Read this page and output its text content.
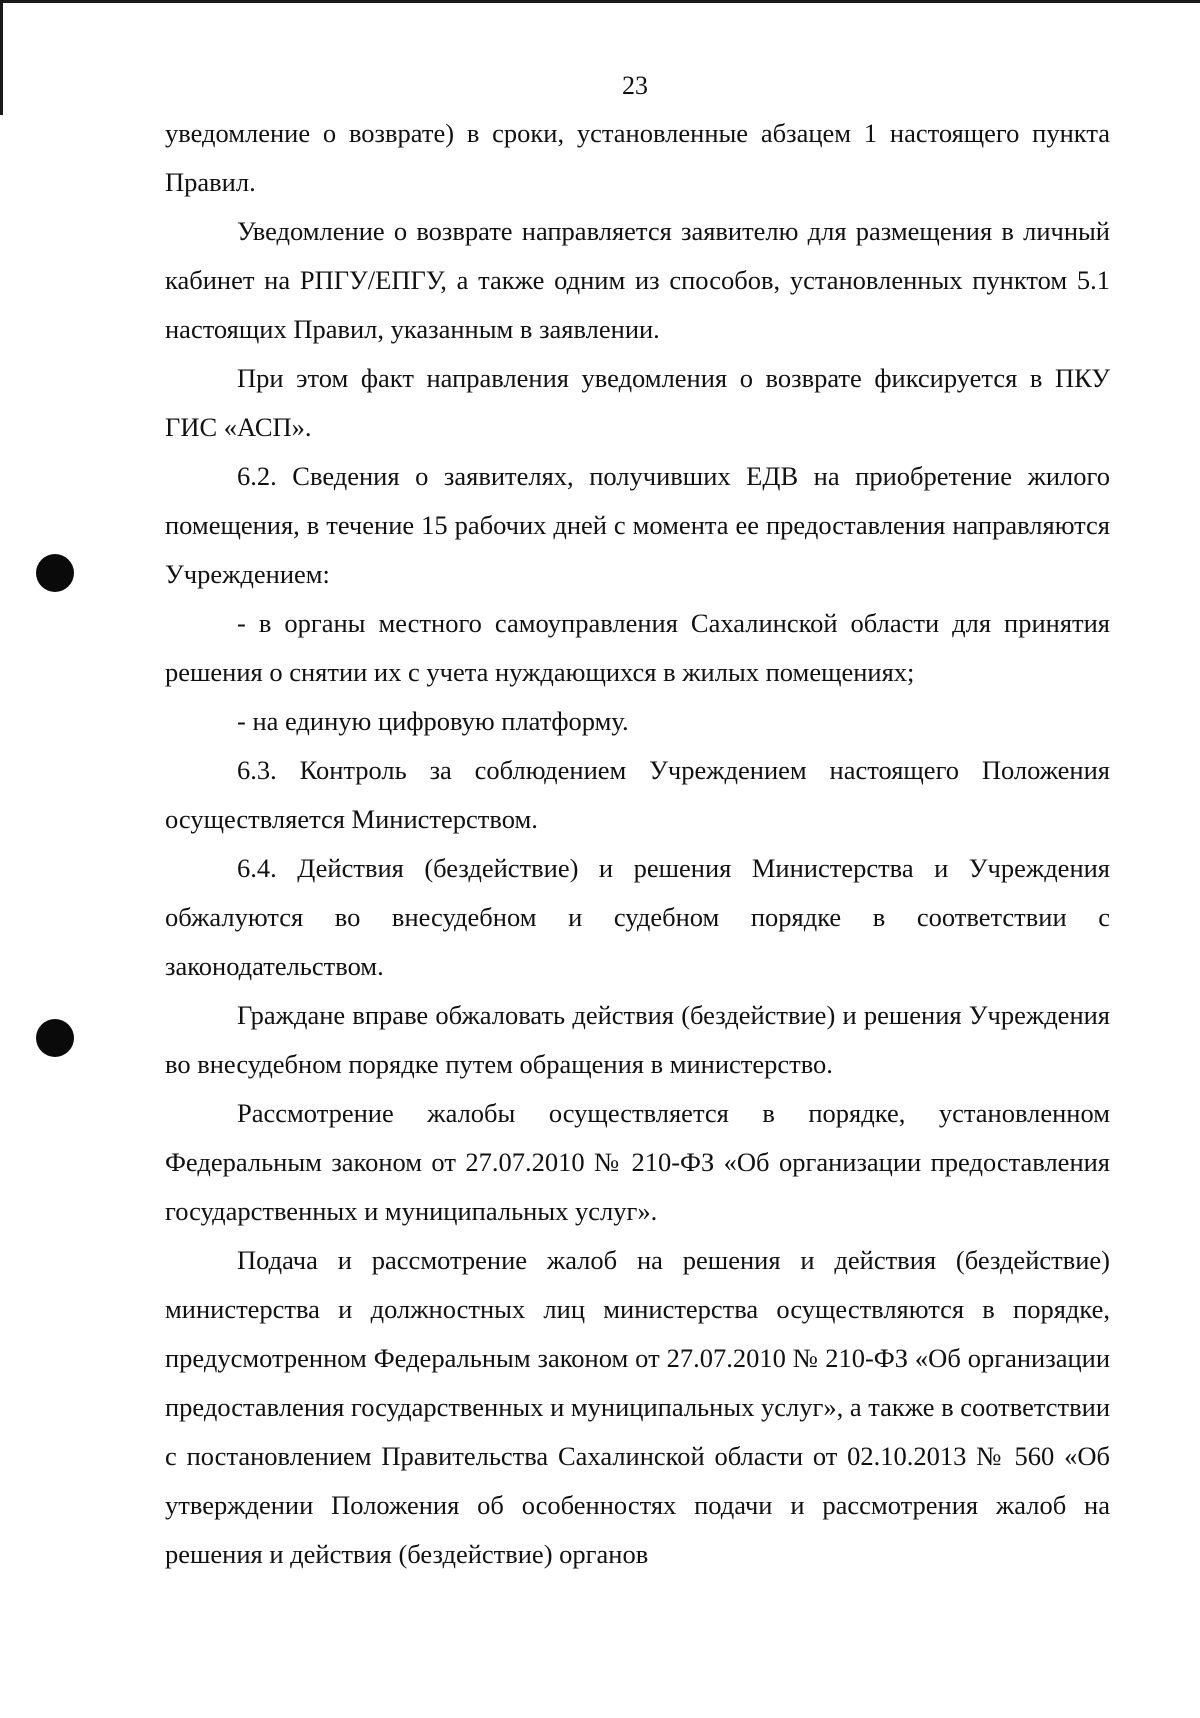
23

уведомление о возврате) в сроки, установленные абзацем 1 настоящего пункта Правил.

Уведомление о возврате направляется заявителю для размещения в личный кабинет на РПГУ/ЕПГУ, а также одним из способов, установленных пунктом 5.1 настоящих Правил, указанным в заявлении.

При этом факт направления уведомления о возврате фиксируется в ПКУ ГИС «АСП».

6.2. Сведения о заявителях, получивших ЕДВ на приобретение жилого помещения, в течение 15 рабочих дней с момента ее предоставления направляются Учреждением:

- в органы местного самоуправления Сахалинской области для принятия решения о снятии их с учета нуждающихся в жилых помещениях;

- на единую цифровую платформу.

6.3. Контроль за соблюдением Учреждением настоящего Положения осуществляется Министерством.

6.4. Действия (бездействие) и решения Министерства и Учреждения обжалуются во внесудебном и судебном порядке в соответствии с законодательством.

Граждане вправе обжаловать действия (бездействие) и решения Учреждения во внесудебном порядке путем обращения в министерство.

Рассмотрение жалобы осуществляется в порядке, установленном Федеральным законом от 27.07.2010 № 210-ФЗ «Об организации предоставления государственных и муниципальных услуг».

Подача и рассмотрение жалоб на решения и действия (бездействие) министерства и должностных лиц министерства осуществляются в порядке, предусмотренном Федеральным законом от 27.07.2010 № 210-ФЗ «Об организации предоставления государственных и муниципальных услуг», а также в соответствии с постановлением Правительства Сахалинской области от 02.10.2013 № 560 «Об утверждении Положения об особенностях подачи и рассмотрения жалоб на решения и действия (бездействие) органов
